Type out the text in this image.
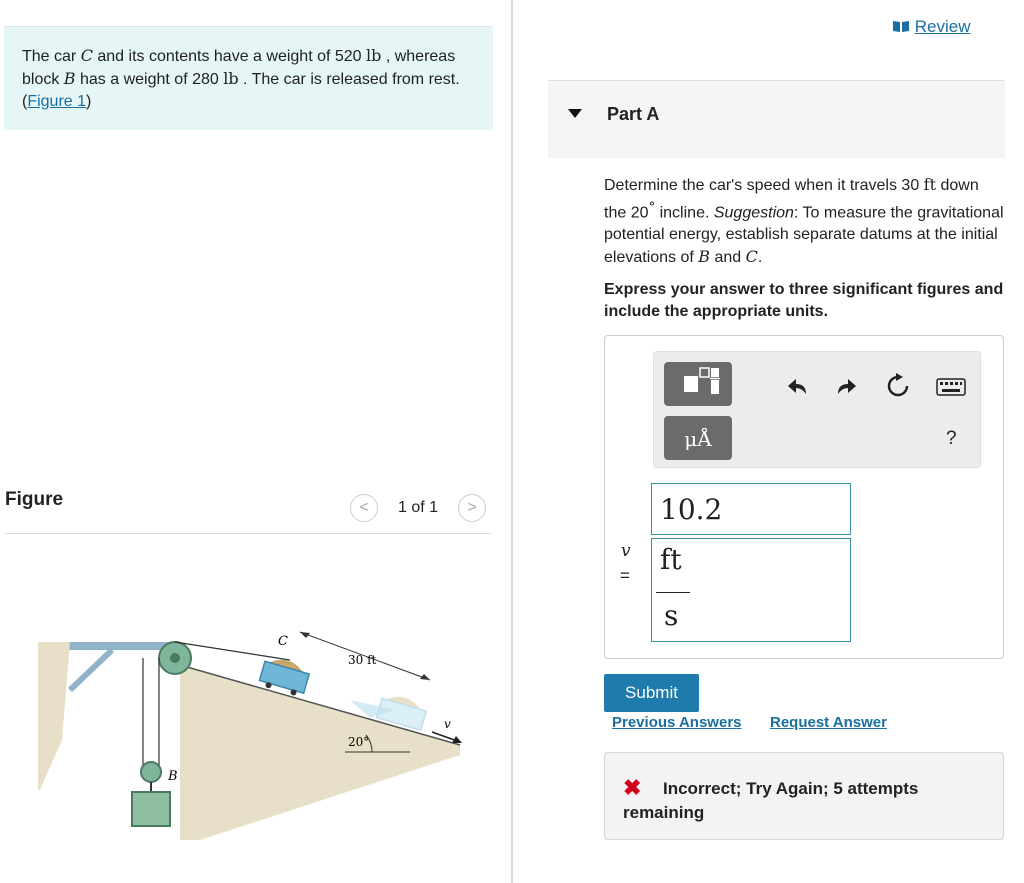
The car C and its contents have a weight of 520 lb , whereas block B has a weight of 280 lb . The car is released from rest. (Figure 1)
Figure	<	1 of 1	>
C
B
30 ft
20°
v
Review
Part A
Determine the car's speed when it travels 30 ft down the 20° incline. Suggestion: To measure the gravitational potential energy, establish separate datums at the initial elevations of B and C.
Express your answer to three significant figures and include the appropriate units.
μÅ	?
v
=
10.2
ft
s
Submit
Previous Answers Request Answer
✖	Incorrect; Try Again; 5 attempts remaining
